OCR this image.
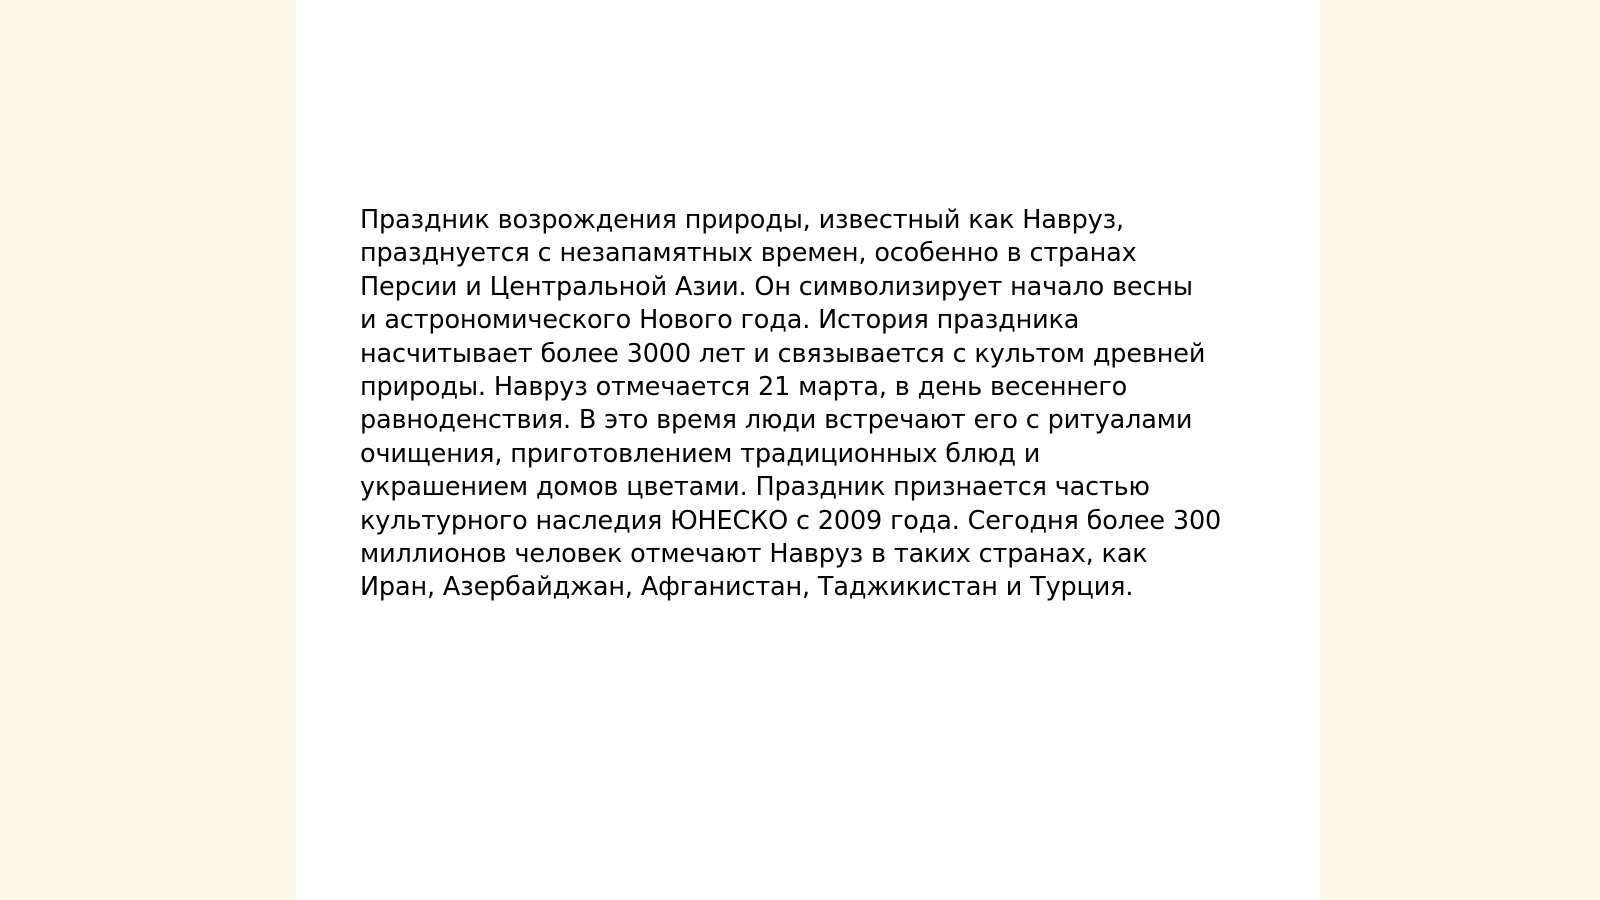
Праздник возрождения природы, известный как Навруз,
празднуется с незапамятных времен, особенно в странах
Персии и Центральной Азии. Он символизирует начало весны
и астрономического Нового года. История праздника
насчитывает более 3000 лет и связывается с культом древней
природы. Навруз отмечается 21 марта, в день весеннего
равноденствия. В это время люди встречают его с ритуалами
очищения, приготовлением традиционных блюд и
украшением домов цветами. Праздник признается частью
культурного наследия ЮНЕСКО с 2009 года. Сегодня более 300
миллионов человек отмечают Навруз в таких странах, как
Иран, Азербайджан, Афганистан, Таджикистан и Турция.
